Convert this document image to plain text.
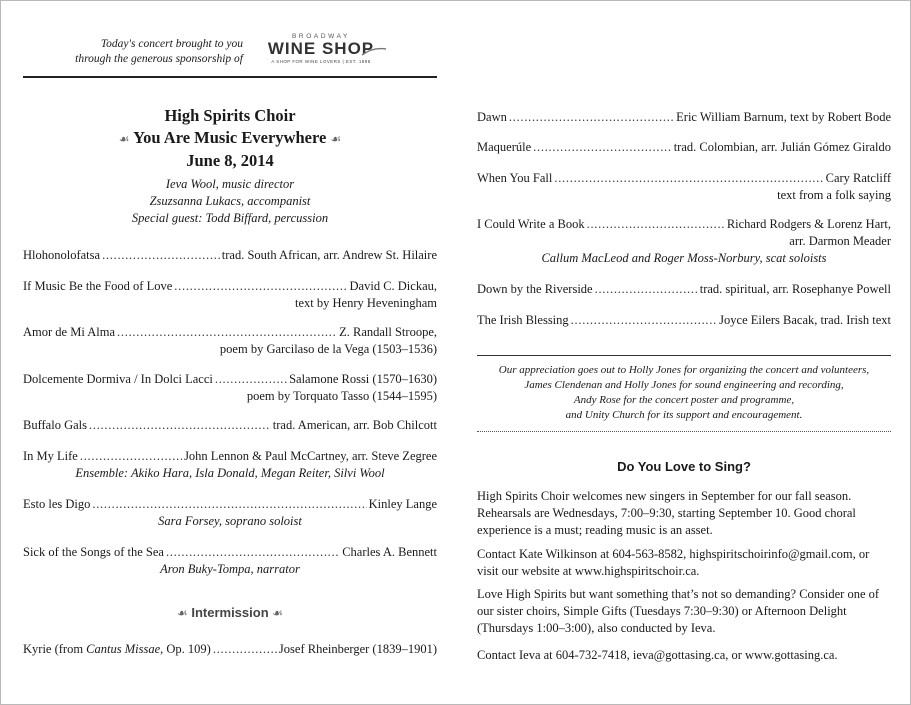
Today's concert brought to you
through the generous sponsorship of
BROADWAY
WINE SHOP
A SHOP FOR WINE LOVERS | EST. 1998
High Spirits Choir
☙ You Are Music Everywhere ☙
June 8, 2014
Ieva Wool, music director
Zsuzsanna Lukacs, accompanist
Special guest: Todd Biffard, percussion
Hlohonolofatsa . . .	trad. South African, arr. Andrew St. Hilaire
If Music Be the Food of Love . . .	David C. Dickau,
text by Henry Heveningham
Amor de Mi Alma . . .	Z. Randall Stroope,
poem by Garcilaso de la Vega (1503–1536)
Dolcemente Dormiva / In Dolci Lacci . . .	Salamone Rossi (1570–1630)
poem by Torquato Tasso (1544–1595)
Buffalo Gals . . .	trad. American, arr. Bob Chilcott
In My Life . . .	John Lennon & Paul McCartney, arr. Steve Zegree
Ensemble: Akiko Hara, Isla Donald, Megan Reiter, Silvi Wool
Esto les Digo . . .	Kinley Lange
Sara Forsey, soprano soloist
Sick of the Songs of the Sea . . .	Charles A. Bennett
Aron Buky-Tompa, narrator
☙ Intermission ☙
Kyrie (from Cantus Missae, Op. 109) . . .	Josef Rheinberger (1839–1901)
Dawn . . .	Eric William Barnum, text by Robert Bode
Maquerúle . . .	trad. Colombian, arr. Julián Gómez Giraldo
When You Fall . . .	Cary Ratcliff
text from a folk saying
I Could Write a Book . . .	Richard Rodgers & Lorenz Hart,
arr. Darmon Meader
Callum MacLeod and Roger Moss-Norbury, scat soloists
Down by the Riverside . . .	trad. spiritual, arr. Rosephanye Powell
The Irish Blessing . . .	Joyce Eilers Bacak, trad. Irish text
Our appreciation goes out to Holly Jones for organizing the concert and volunteers,
James Clendenan and Holly Jones for sound engineering and recording,
Andy Rose for the concert poster and programme,
and Unity Church for its support and encouragement.
Do You Love to Sing?
High Spirits Choir welcomes new singers in September for our fall season. Rehearsals are Wednesdays, 7:00–9:30, starting September 10. Good choral experience is a must; reading music is an asset.
Contact Kate Wilkinson at 604-563-8582, highspiritschoirinfo@gmail.com, or visit our website at www.highspiritschoir.ca.
Love High Spirits but want something that’s not so demanding? Consider one of our sister choirs, Simple Gifts (Tuesdays 7:30–9:30) or Afternoon Delight (Thursdays 1:00–3:00), also conducted by Ieva.
Contact Ieva at 604-732-7418, ieva@gottasing.ca, or www.gottasing.ca.
